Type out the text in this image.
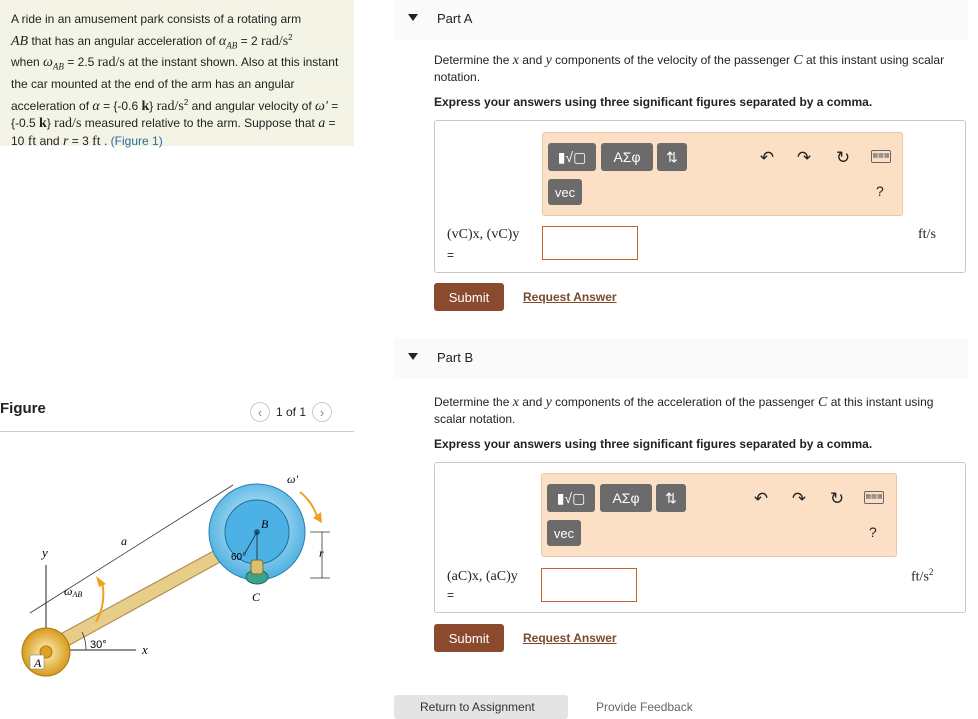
A ride in an amusement park consists of a rotating arm
AB that has an angular acceleration of $\alpha_{AB} = 2$ rad/$s^2$
when $\omega_{AB} = 2.5$ rad/s at the instant shown. Also at this instant the car mounted at the end of the arm has an angular acceleration of α = {-0.6 k} rad/$s^2$ and angular velocity of ω′ = {-0.5 k} rad/s measured relative to the arm. Suppose that a = 10 ft and r = 3 ft . (Figure 1)
Figure	‹	1 of 1	›
y
x
a
A
30°
ωAB
B
60°
C
r
ω′
Part A
Determine the x and y components of the velocity of the passenger C at this instant using scalar notation.
Express your answers using three significant figures separated by a comma.
▮√▢	ΑΣφ	⇅
vec
↶ ↷ ↻	▦▦▦
?
(vC)x, (vC)y
=
ft/s
Submit	Request Answer
Part B
Determine the x and y components of the acceleration of the passenger C at this instant using scalar notation.
Express your answers using three significant figures separated by a comma.
▮√▢	ΑΣφ	⇅
vec
↶ ↷ ↻	▦▦▦
?
(aC)x, (aC)y
=
$ft/s^2$
Submit	Request Answer
Return to Assignment	Provide Feedback
